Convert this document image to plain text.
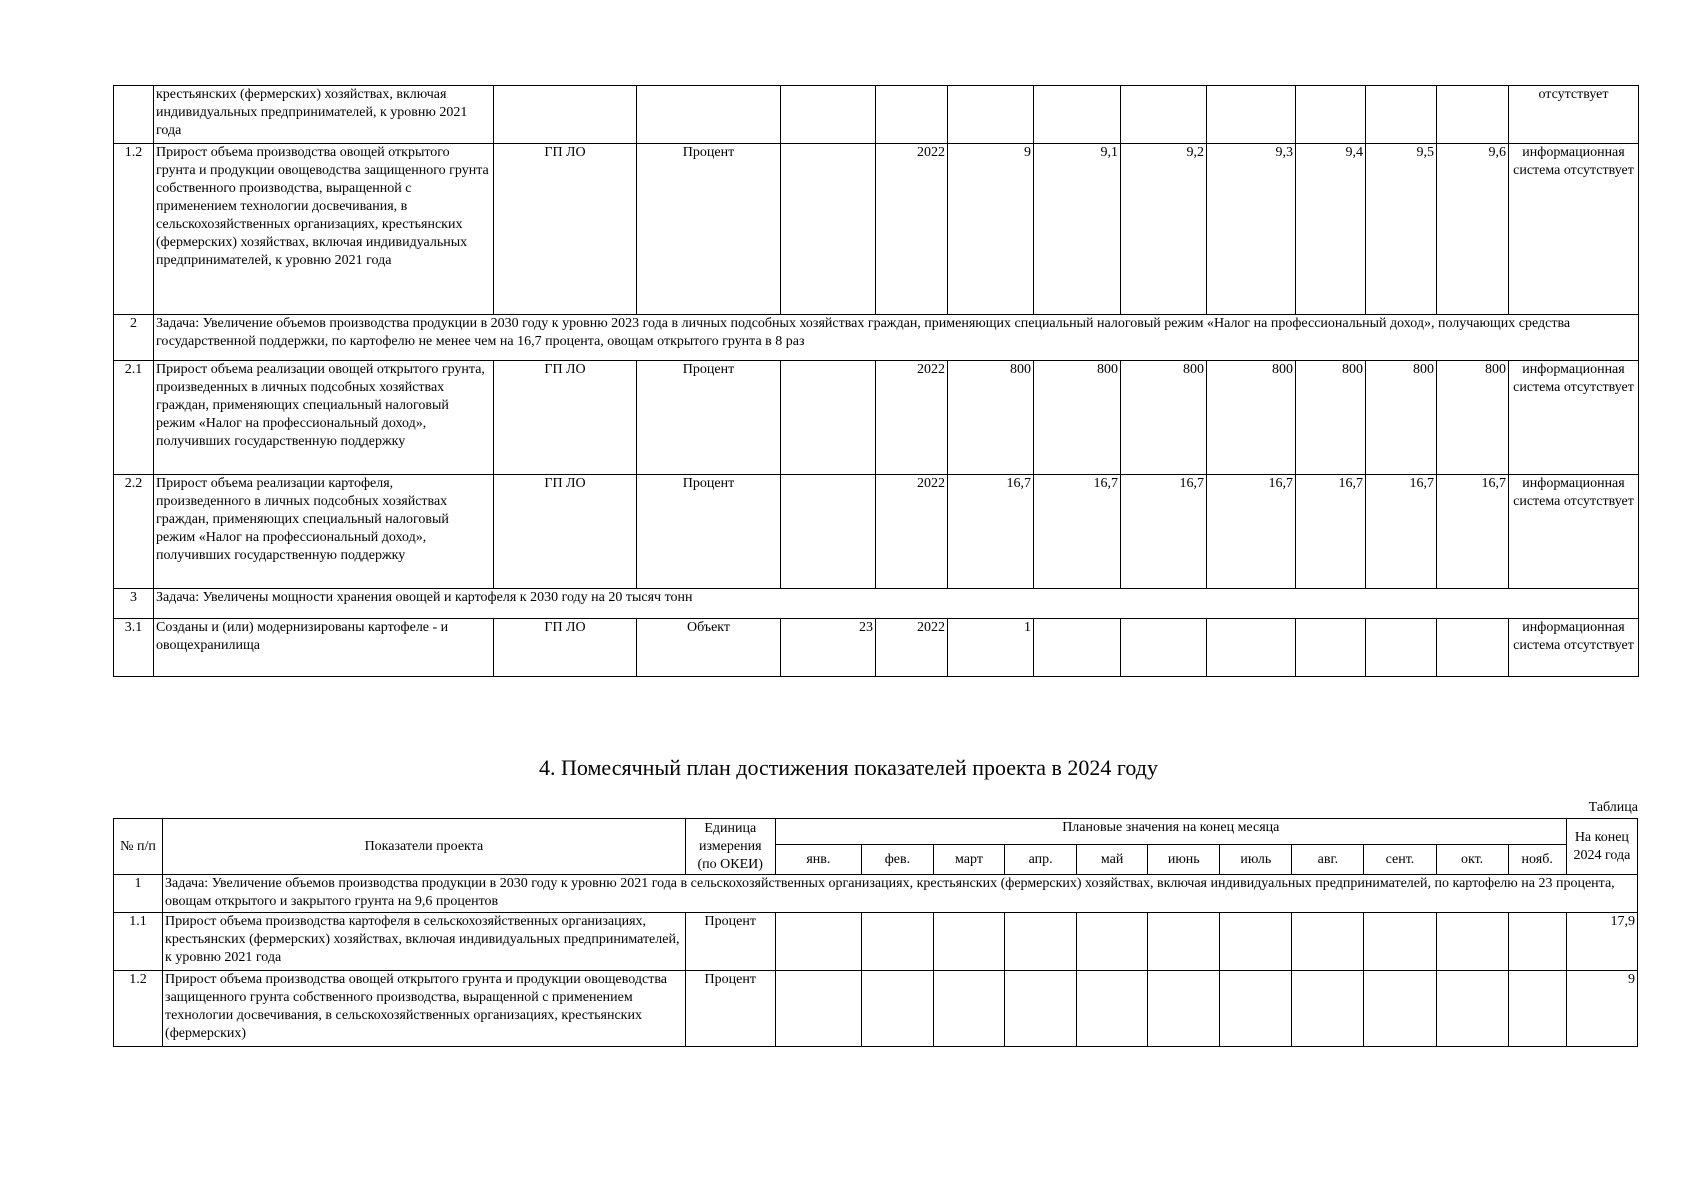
	крестьянских (фермерских) хозяйствах, включая индивидуальных предпринимателей, к уровню 2021 года												отсутствует
1.2	Прирост объема производства овощей открытого грунта и продукции овощеводства защищенного грунта собственного производства, выращенной с применением технологии досвечивания, в сельскохозяйственных организациях, крестьянских (фермерских) хозяйствах, включая индивидуальных предпринимателей, к уровню 2021 года	ГП ЛО	Процент		2022	9	9,1	9,2	9,3	9,4	9,5	9,6	информационная система отсутствует
2	Задача: Увеличение объемов производства продукции в 2030 году к уровню 2023 года в личных подсобных хозяйствах граждан, применяющих специальный налоговый режим «Налог на профессиональный доход», получающих средства государственной поддержки, по картофелю не менее чем на 16,7 процента, овощам открытого грунта в 8 раз												
2.1	Прирост объема реализации овощей открытого грунта, произведенных в личных подсобных хозяйствах граждан, применяющих специальный налоговый режим «Налог на профессиональный доход», получивших государственную поддержку	ГП ЛО	Процент		2022	800	800	800	800	800	800	800	информационная система отсутствует
2.2	Прирост объема реализации картофеля, произведенного в личных подсобных хозяйствах граждан, применяющих специальный налоговый режим «Налог на профессиональный доход», получивших государственную поддержку	ГП ЛО	Процент		2022	16,7	16,7	16,7	16,7	16,7	16,7	16,7	информационная система отсутствует
3	Задача: Увеличены мощности хранения овощей и картофеля к 2030 году на 20 тысяч тонн												
3.1	Созданы и (или) модернизированы картофеле - и овощехранилища	ГП ЛО	Объект	23	2022	1							информационная система отсутствует
4. Помесячный план достижения показателей проекта в 2024 году
Таблица
№ п/п	Показатели проекта	Единица измерения (по ОКЕИ)	Плановые значения на конец месяца											На конец 2024 года
			янв.	фев.	март	апр.	май	июнь	июль	авг.	сент.	окт.	нояб.	
1	Задача: Увеличение объемов производства продукции в 2030 году к уровню 2021 года в сельскохозяйственных организациях, крестьянских (фермерских) хозяйствах, включая индивидуальных предпринимателей, по картофелю на 23 процента, овощам открытого и закрытого грунта на 9,6 процентов													
1.1	Прирост объема производства картофеля в сельскохозяйственных организациях, крестьянских (фермерских) хозяйствах, включая индивидуальных предпринимателей, к уровню 2021 года	Процент												17,9
1.2	Прирост объема производства овощей открытого грунта и продукции овощеводства защищенного грунта собственного производства, выращенной с применением технологии досвечивания, в сельскохозяйственных организациях, крестьянских (фермерских)	Процент												9
